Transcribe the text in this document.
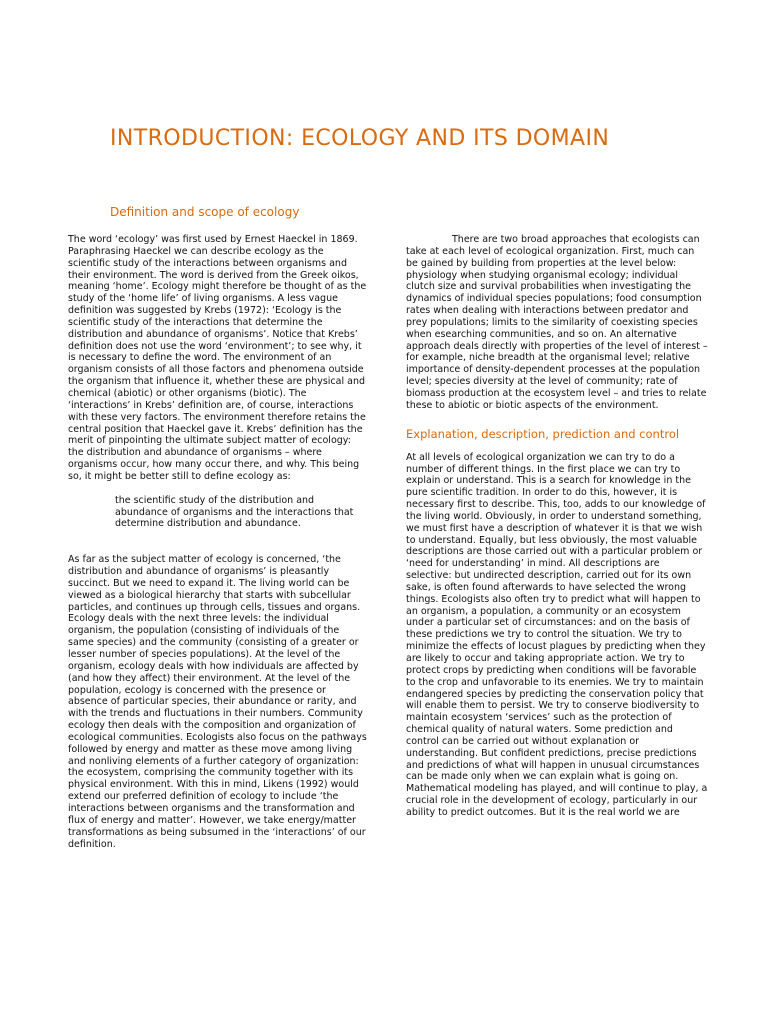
INTRODUCTION: ECOLOGY AND ITS DOMAIN
Definition and scope of ecology

The word ‘ecology’ was first used by Ernest Haeckel in 1869. Paraphrasing Haeckel we can describe ecology as the scientific study of the interactions between organisms and their environment. The word is derived from the Greek oikos, meaning ‘home’. Ecology might therefore be thought of as the study of the ‘home life’ of living organisms. A less vague definition was suggested by Krebs (1972): ‘Ecology is the scientific study of the interactions that determine the distribution and abundance of organisms’. Notice that Krebs’ definition does not use the word ‘environment’; to see why, it is necessary to define the word. The environment of an organism consists of all those factors and phenomena outside the organism that influence it, whether these are physical and chemical (abiotic) or other organisms (biotic). The ‘interactions’ in Krebs’ definition are, of course, interactions with these very factors. The environment therefore retains the central position that Haeckel gave it. Krebs’ definition has the merit of pinpointing the ultimate subject matter of ecology: the distribution and abundance of organisms – where organisms occur, how many occur there, and why. This being so, it might be better still to define ecology as:

the scientific study of the distribution and abundance of organisms and the interactions that determine distribution and abundance.

As far as the subject matter of ecology is concerned, ‘the distribution and abundance of organisms’ is pleasantly succinct. But we need to expand it. The living world can be viewed as a biological hierarchy that starts with subcellular particles, and continues up through cells, tissues and organs. Ecology deals with the next three levels: the individual organism, the population (consisting of individuals of the same species) and the community (consisting of a greater or lesser number of species populations). At the level of the organism, ecology deals with how individuals are affected by (and how they affect) their environment. At the level of the population, ecology is concerned with the presence or absence of particular species, their abundance or rarity, and with the trends and fluctuations in their numbers. Community ecology then deals with the composition and organization of ecological communities. Ecologists also focus on the pathways followed by energy and matter as these move among living and nonliving elements of a further category of organization: the ecosystem, comprising the community together with its physical environment. With this in mind, Likens (1992) would extend our preferred definition of ecology to include ‘the interactions between organisms and the transformation and flux of energy and matter’. However, we take energy/matter transformations as being subsumed in the ‘interactions’ of our definition.

There are two broad approaches that ecologists can take at each level of ecological organization. First, much can be gained by building from properties at the level below: physiology when studying organismal ecology; individual clutch size and survival probabilities when investigating the dynamics of individual species populations; food consumption rates when dealing with interactions between predator and prey populations; limits to the similarity of coexisting species when esearching communities, and so on. An alternative approach deals directly with properties of the level of interest – for example, niche breadth at the organismal level; relative importance of density-dependent processes at the population level; species diversity at the level of community; rate of biomass production at the ecosystem level – and tries to relate these to abiotic or biotic aspects of the environment.

Explanation, description, prediction and control

At all levels of ecological organization we can try to do a number of different things. In the first place we can try to explain or understand. This is a search for knowledge in the pure scientific tradition. In order to do this, however, it is necessary first to describe. This, too, adds to our knowledge of the living world. Obviously, in order to understand something, we must first have a description of whatever it is that we wish to understand. Equally, but less obviously, the most valuable descriptions are those carried out with a particular problem or ‘need for understanding’ in mind. All descriptions are selective: but undirected description, carried out for its own sake, is often found afterwards to have selected the wrong things. Ecologists also often try to predict what will happen to an organism, a population, a community or an ecosystem under a particular set of circumstances: and on the basis of these predictions we try to control the situation. We try to minimize the effects of locust plagues by predicting when they are likely to occur and taking appropriate action. We try to protect crops by predicting when conditions will be favorable to the crop and unfavorable to its enemies. We try to maintain endangered species by predicting the conservation policy that will enable them to persist. We try to conserve biodiversity to maintain ecosystem ‘services’ such as the protection of chemical quality of natural waters. Some prediction and control can be carried out without explanation or understanding. But confident predictions, precise predictions and predictions of what will happen in unusual circumstances can be made only when we can explain what is going on. Mathematical modeling has played, and will continue to play, a crucial role in the development of ecology, particularly in our ability to predict outcomes. But it is the real world we are
